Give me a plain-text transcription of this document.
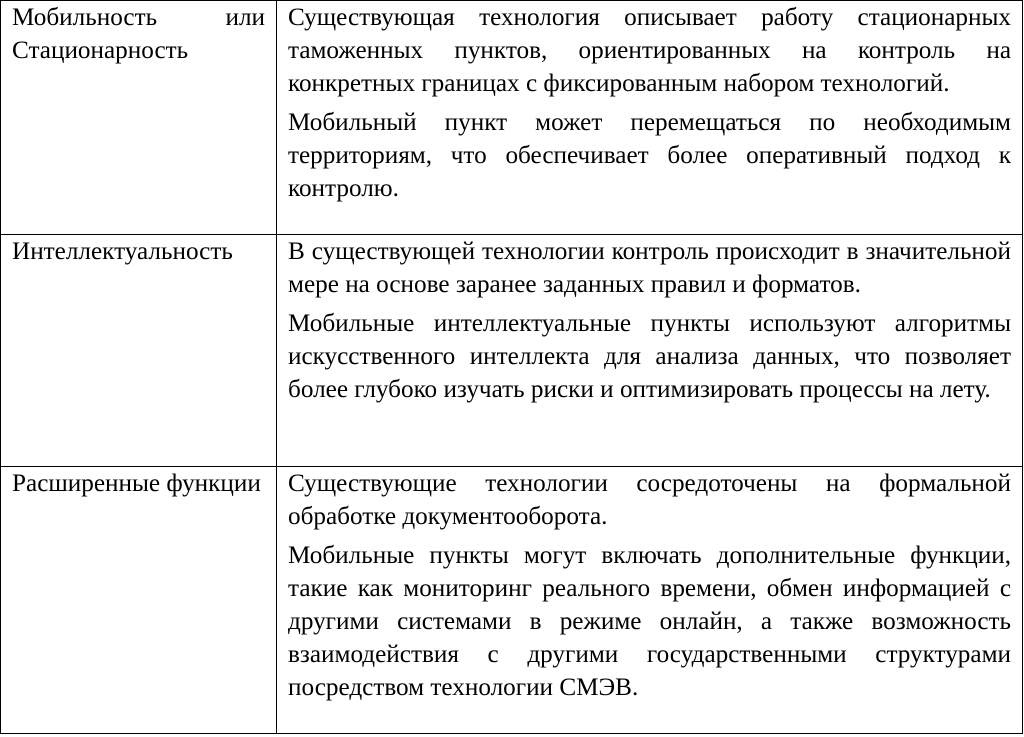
Мобильность или Стационарность	Существующая технология описывает работу стационарных таможенных пунктов, ориентированных на контроль на конкретных границах с фиксированным набором технологий.

Мобильный пункт может перемещаться по необходимым территориям, что обеспечивает более оперативный подход к контролю.

Интеллектуальность	В существующей технологии контроль происходит в значительной мере на основе заранее заданных правил и форматов.

Мобильные интеллектуальные пункты используют алгоритмы искусственного интеллекта для анализа данных, что позволяет более глубоко изучать риски и оптимизировать процессы на лету.

Расширенные функции	Существующие технологии сосредоточены на формальной обработке документооборота.

Мобильные пункты могут включать дополнительные функции, такие как мониторинг реального времени, обмен информацией с другими системами в режиме онлайн, а также возможность взаимодействия с другими государственными структурами посредством технологии СМЭВ.
